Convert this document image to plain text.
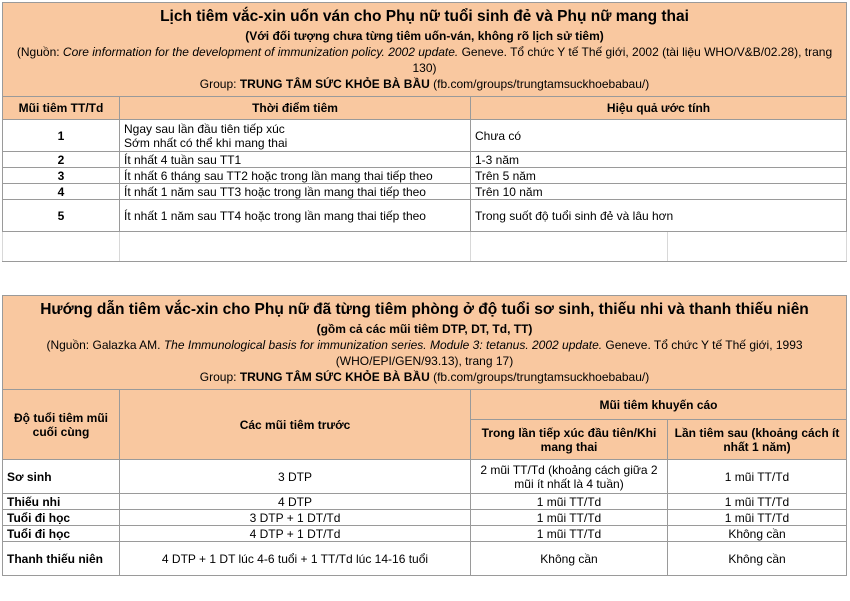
Lịch tiêm vắc-xin uốn ván cho Phụ nữ tuổi sinh đẻ và Phụ nữ mang thai
(Với đối tượng chưa từng tiêm uốn-ván, không rõ lịch sử tiêm)
(Nguồn: Core information for the development of immunization policy. 2002 update. Geneve. Tổ chức Y tế Thế giới, 2002 (tài liệu WHO/V&B/02.28), trang 130)
Group: TRUNG TÂM SỨC KHỎE BÀ BẦU (fb.com/groups/trungtamsuckhoebabau/)			

Mũi tiêm TT/Td	Thời điểm tiêm	Hiệu quả ước tính	
1	Ngay sau lần đầu tiên tiếp xúc
Sớm nhất có thể khi mang thai	Chưa có	
2	Ít nhất 4 tuần sau TT1	1-3 năm	
3	Ít nhất 6 tháng sau TT2 hoặc trong lần mang thai tiếp theo	Trên 5 năm	
4	Ít nhất 1 năm sau TT3 hoặc trong lần mang thai tiếp theo	Trên 10 năm	
5	Ít nhất 1 năm sau TT4 hoặc trong lần mang thai tiếp theo	Trong suốt độ tuổi sinh đẻ và lâu hơn	

Hướng dẫn tiêm vắc-xin cho Phụ nữ đã từng tiêm phòng ở độ tuổi sơ sinh, thiếu nhi và thanh thiếu niên
(gồm cả các mũi tiêm DTP, DT, Td, TT)
(Nguồn: Galazka AM. The Immunological basis for immunization series. Module 3: tetanus. 2002 update. Geneve. Tổ chức Y tế Thế giới, 1993 (WHO/EPI/GEN/93.13), trang 17)
Group: TRUNG TÂM SỨC KHỎE BÀ BẦU (fb.com/groups/trungtamsuckhoebabau/)			

Độ tuổi tiêm mũi cuối cùng	Các mũi tiêm trước	Mũi tiêm khuyến cáo	
		Trong lần tiếp xúc đầu tiên/Khi mang thai	Lần tiêm sau (khoảng cách ít nhất 1 năm)
Sơ sinh	3 DTP	2 mũi TT/Td (khoảng cách giữa 2 mũi ít nhất là 4 tuần)	1 mũi TT/Td
Thiếu nhi	4 DTP	1 mũi TT/Td	1 mũi TT/Td
Tuổi đi học	3 DTP + 1 DT/Td	1 mũi TT/Td	1 mũi TT/Td
Tuổi đi học	4 DTP + 1 DT/Td	1 mũi TT/Td	Không cần
Thanh thiếu niên	4 DTP + 1 DT lúc 4-6 tuổi + 1 TT/Td lúc 14-16 tuổi	Không cần	Không cần
